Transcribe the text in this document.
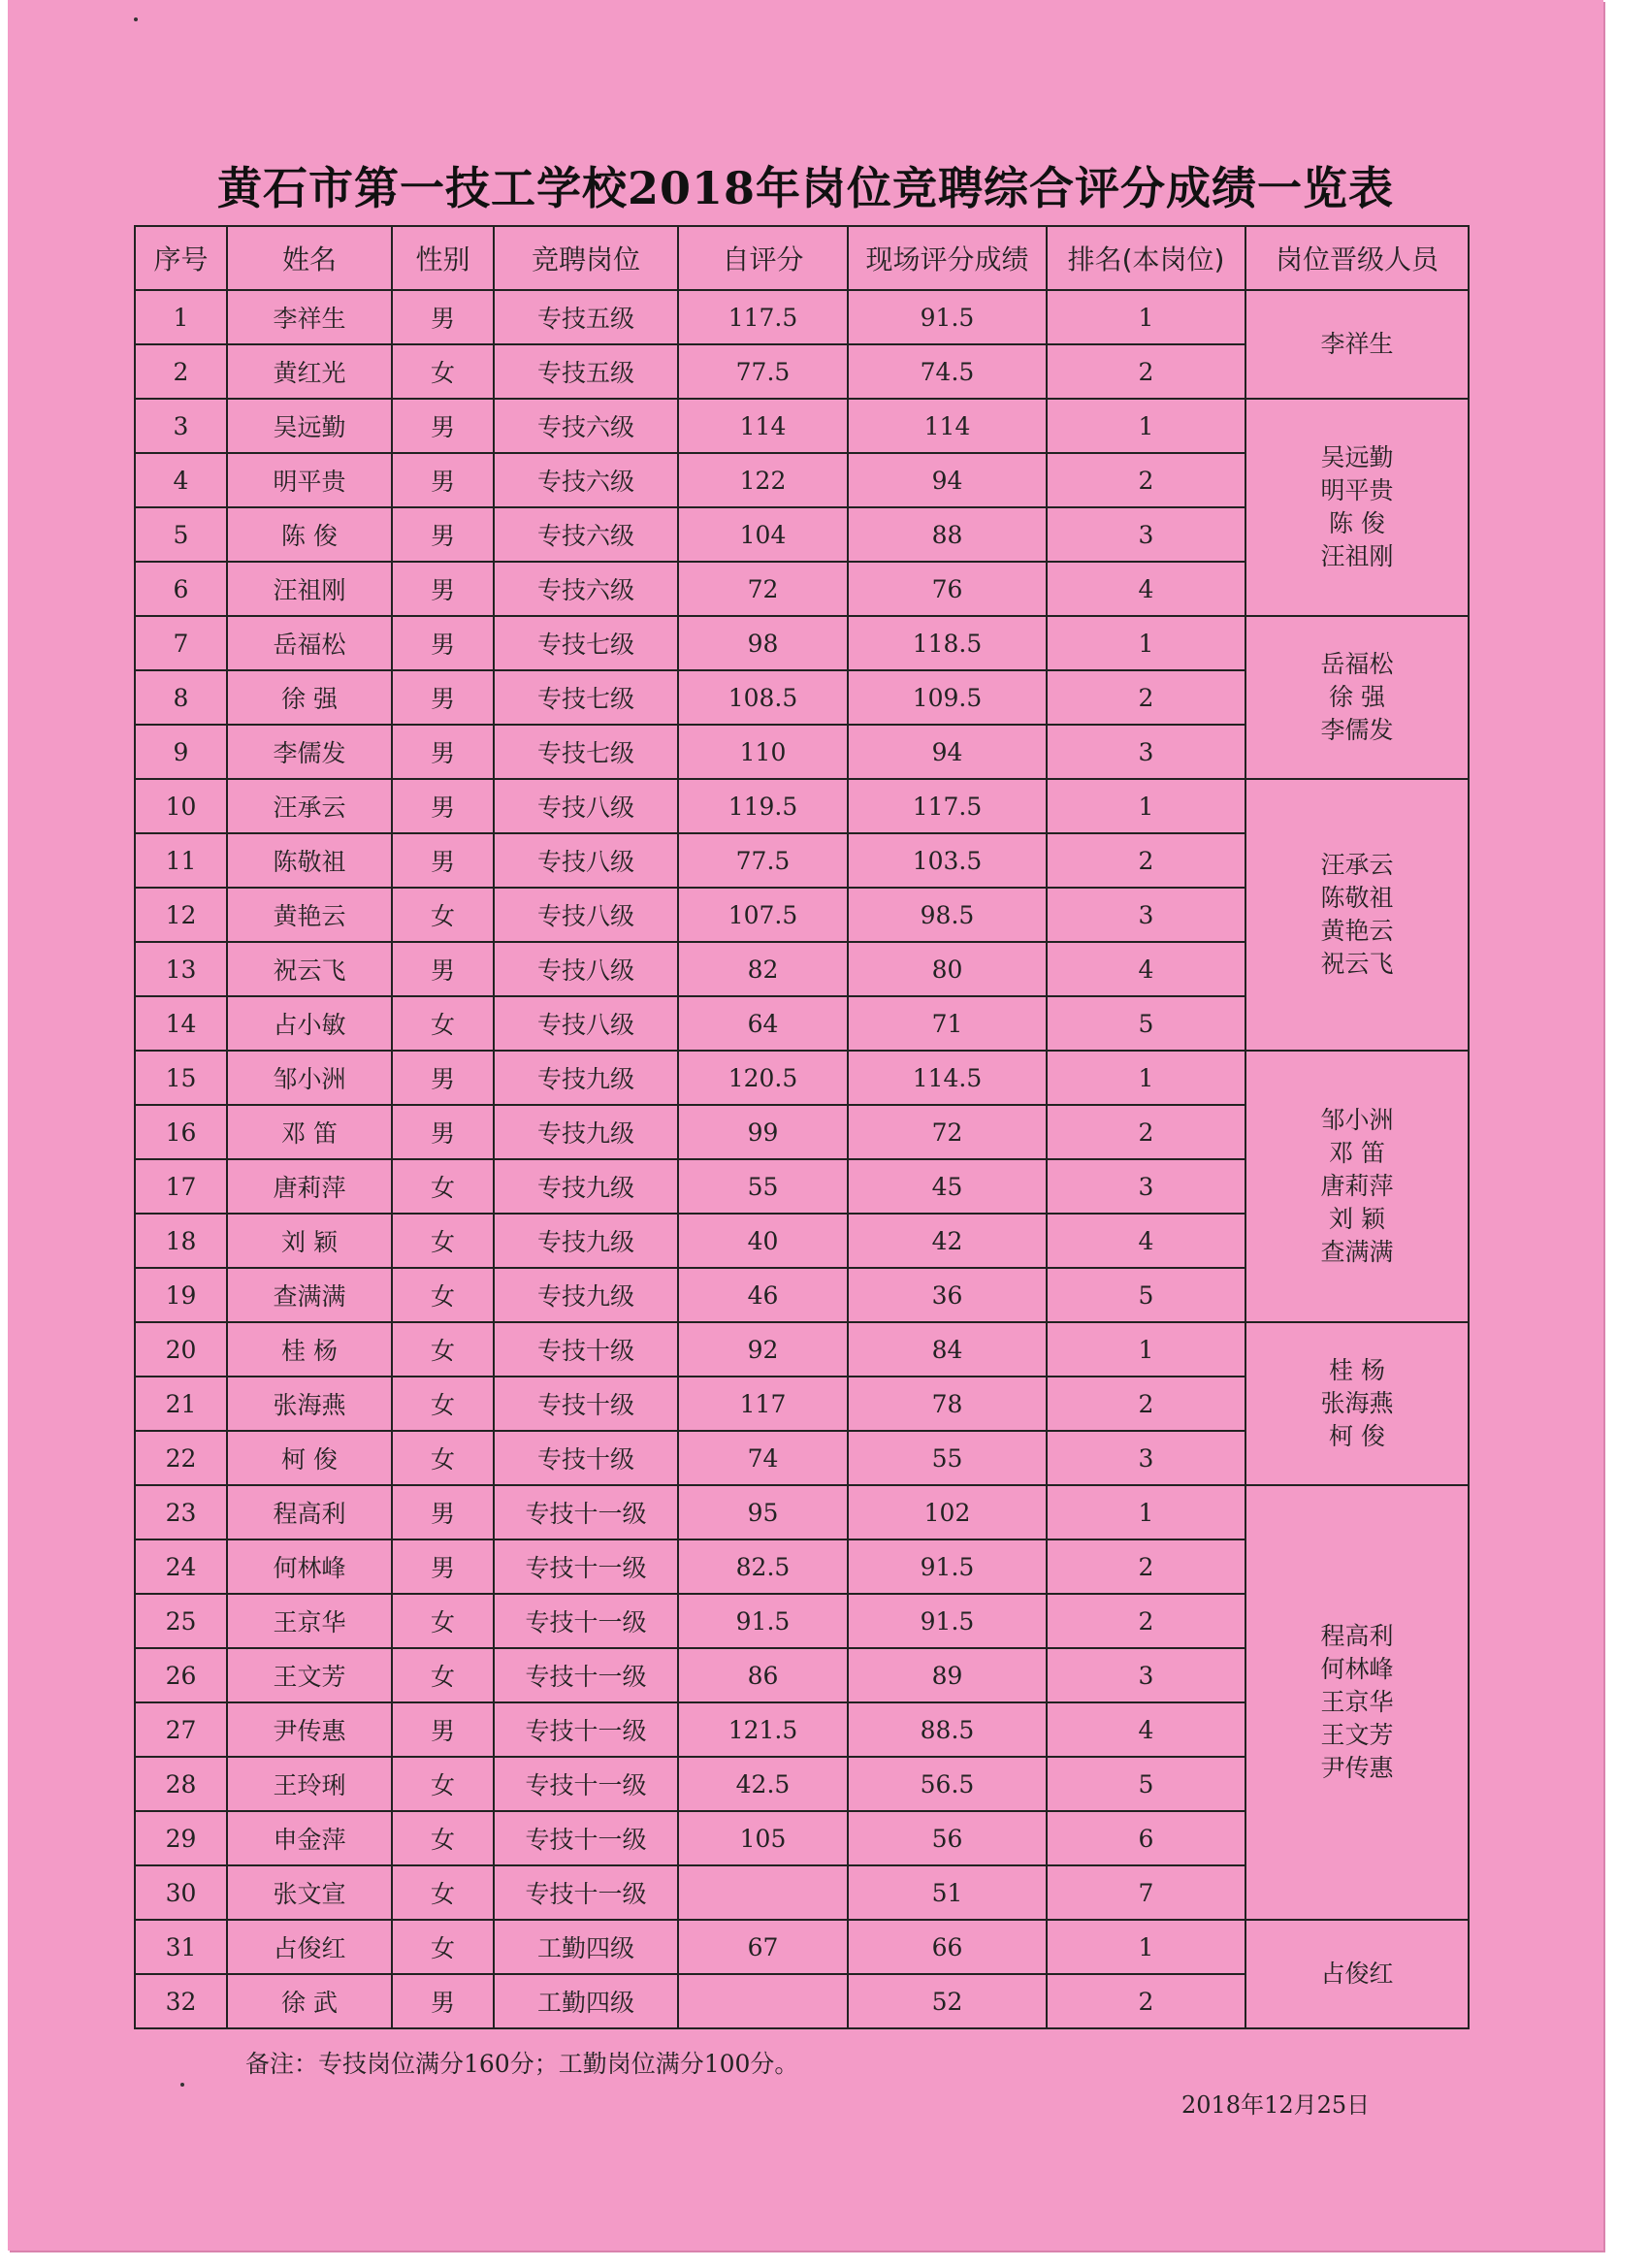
黄石市第一技工学校2018年岗位竞聘综合评分成绩一览表
序号	姓名	性别	竞聘岗位	自评分	现场评分成绩	排名(本岗位)	岗位晋级人员
1	李祥生	男	专技五级	117.5	91.5	1	李祥生

2	黄红光	女	专技五级	77.5	74.5	2	
3	吴远勤	男	专技六级	114	114	1	吴远勤
明平贵
陈 俊
汪祖刚

4	明平贵	男	专技六级	122	94	2	
5	陈 俊	男	专技六级	104	88	3	
6	汪祖刚	男	专技六级	72	76	4	
7	岳福松	男	专技七级	98	118.5	1	岳福松
徐 强
李儒发

8	徐 强	男	专技七级	108.5	109.5	2	
9	李儒发	男	专技七级	110	94	3	
10	汪承云	男	专技八级	119.5	117.5	1	汪承云
陈敬祖
黄艳云
祝云飞

11	陈敬祖	男	专技八级	77.5	103.5	2	
12	黄艳云	女	专技八级	107.5	98.5	3	
13	祝云飞	男	专技八级	82	80	4	
14	占小敏	女	专技八级	64	71	5	
15	邹小洲	男	专技九级	120.5	114.5	1	邹小洲
邓 笛
唐莉萍
刘 颖
查满满

16	邓 笛	男	专技九级	99	72	2	
17	唐莉萍	女	专技九级	55	45	3	
18	刘 颖	女	专技九级	40	42	4	
19	查满满	女	专技九级	46	36	5	
20	桂 杨	女	专技十级	92	84	1	桂 杨
张海燕
柯 俊

21	张海燕	女	专技十级	117	78	2	
22	柯 俊	女	专技十级	74	55	3	
23	程高利	男	专技十一级	95	102	1	程高利
何林峰
王京华
王文芳
尹传惠

24	何林峰	男	专技十一级	82.5	91.5	2	
25	王京华	女	专技十一级	91.5	91.5	2	
26	王文芳	女	专技十一级	86	89	3	
27	尹传惠	男	专技十一级	121.5	88.5	4	
28	王玲琍	女	专技十一级	42.5	56.5	5	
29	申金萍	女	专技十一级	105	56	6	
30	张文宣	女	专技十一级		51	7	
31	占俊红	女	工勤四级	67	66	1	占俊红

32	徐 武	男	工勤四级		52	2	
备注：专技岗位满分160分；工勤岗位满分100分。
2018年12月25日
